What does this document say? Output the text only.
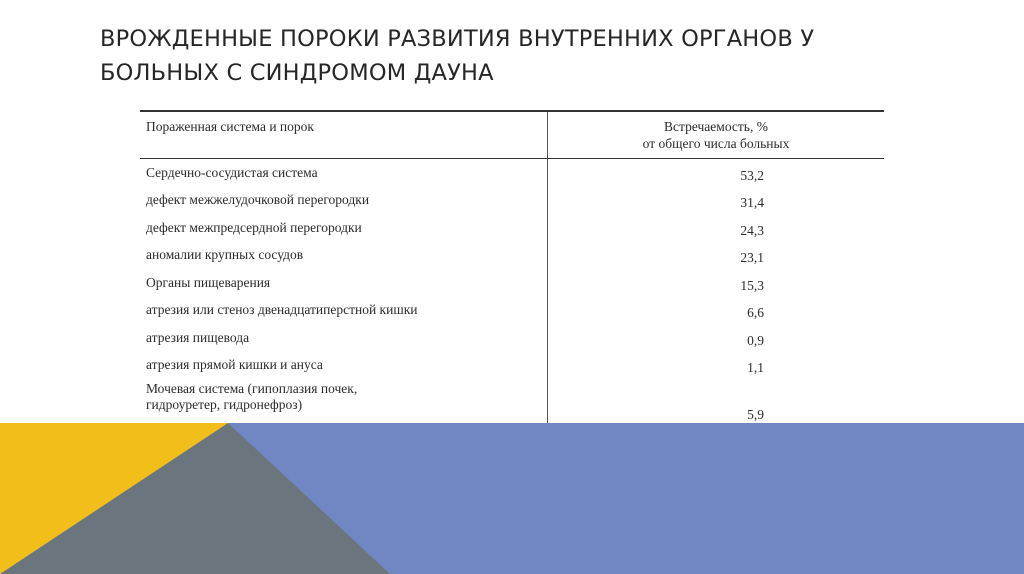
ВРОЖДЕННЫЕ ПОРОКИ РАЗВИТИЯ ВНУТРЕННИХ ОРГАНОВ У
БОЛЬНЫХ С СИНДРОМОМ ДАУНА
Пораженная система и порок	Встречаемость, %
от общего числа больных
Сердечно-сосудистая система	53,2
дефект межжелудочковой перегородки	31,4
дефект межпредсердной перегородки	24,3
аномалии крупных сосудов	23,1
Органы пищеварения	15,3
атрезия или стеноз двенадцатиперстной кишки	6,6
атрезия пищевода	0,9
атрезия прямой кишки и ануса	1,1
Мочевая система (гипоплазия почек,
гидроуретер, гидронефроз)	5,9
